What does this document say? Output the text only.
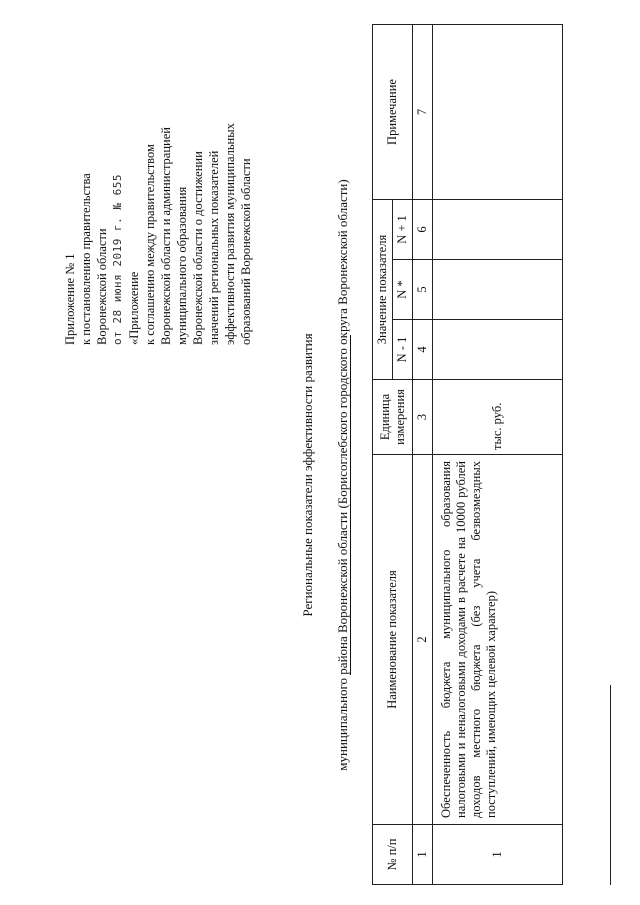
Приложение № 1 к постановлению правительства Воронежской области от 28 июня 2019 г. № 655 «Приложение к соглашению между правительством Воронежской области и администрацией муниципального образования Воронежской области о достижении значений региональных показателей эффективности развития муниципальных образований Воронежской области
Региональные показатели эффективности развития муниципального района Воронежской области (Борисоглебского городского округа Воронежской области)
№ п/п	Наименование показателя	Единица измерения	Значение показателя			Примечание
			N - 1	N *	N + 1	
1	2	3	4	5	6	7
1	Обеспеченность бюджета муниципального образования налоговыми и неналоговыми доходами в расчете на 10000 рублей доходов местного бюджета (без учета безвозмездных поступлений, имеющих целевой характер)	тыс. руб.				
